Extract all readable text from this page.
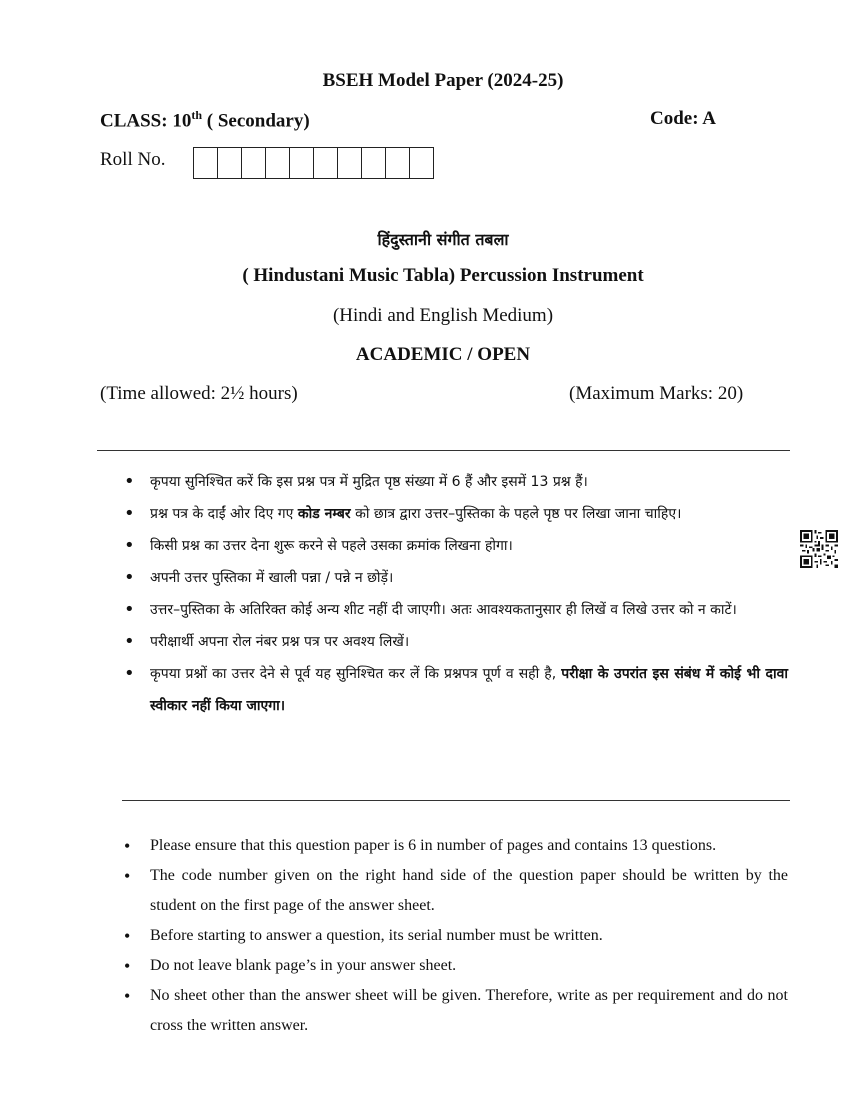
BSEH Model Paper (2024-25)
CLASS: 10th ( Secondary)	Code: A
Roll No.
हिंदुस्तानी संगीत तबला
( Hindustani Music Tabla) Percussion Instrument
(Hindi and English Medium)
ACADEMIC / OPEN
(Time allowed: 2½ hours)	(Maximum Marks: 20)
• कृपया सुनिश्चित करें कि इस प्रश्न पत्र में मुद्रित पृष्ठ संख्या में 6 हैं और इसमें 13 प्रश्न हैं।
• प्रश्न पत्र के दाईं ओर दिए गए कोड नम्बर को छात्र द्वारा उत्तर–पुस्तिका के पहले पृष्ठ पर लिखा जाना चाहिए।
• किसी प्रश्न का उत्तर देना शुरू करने से पहले उसका क्रमांक लिखना होगा।
• अपनी उत्तर पुस्तिका में खाली पन्ना / पन्ने न छोड़ें।
• उत्तर–पुस्तिका के अतिरिक्त कोई अन्य शीट नहीं दी जाएगी। अतः आवश्यकतानुसार ही लिखें व लिखे उत्तर को न काटें।
• परीक्षार्थी अपना रोल नंबर प्रश्न पत्र पर अवश्य लिखें।
• कृपया प्रश्नों का उत्तर देने से पूर्व यह सुनिश्चित कर लें कि प्रश्नपत्र पूर्ण व सही है, परीक्षा के उपरांत इस संबंध में कोई भी दावा स्वीकार नहीं किया जाएगा।
• Please ensure that this question paper is 6 in number of pages and contains 13 questions.
• The code number given on the right hand side of the question paper should be written by the student on the first page of the answer sheet.
• Before starting to answer a question, its serial number must be written.
• Do not leave blank page’s in your answer sheet.
• No sheet other than the answer sheet will be given. Therefore, write as per requirement and do not cross the written answer.
